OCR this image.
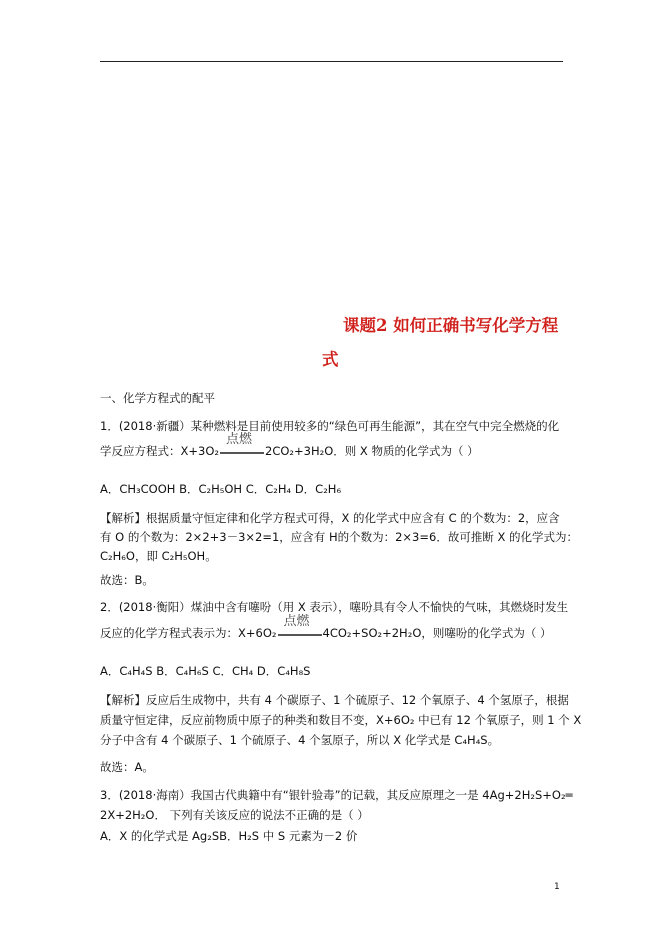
课题2 如何正确书写化学方程
式
一、化学方程式的配平
1．(2018·新疆）某种燃料是目前使用较多的“绿色可再生能源”，其在空气中完全燃烧的化
学反应方程式：X+3O₂
点燃
2CO₂+3H₂O．则 X 物质的化学式为（ ）
A．CH₃COOH B．C₂H₅OH C．C₂H₄ D．C₂H₆
【解析】根据质量守恒定律和化学方程式可得，X 的化学式中应含有 C 的个数为：2，应含
有 O 的个数为：2×2+3－3×2=1，应含有 H的个数为：2×3=6．故可推断 X 的化学式为：
C₂H₆O，即 C₂H₅OH。
故选：B。
2．(2018·衡阳）煤油中含有噻吩（用 X 表示），噻吩具有令人不愉快的气味，其燃烧时发生
反应的化学方程式表示为：X+6O₂
点燃
4CO₂+SO₂+2H₂O，则噻吩的化学式为（ ）
A．C₄H₄S B．C₄H₆S C．CH₄ D．C₄H₈S
【解析】反应后生成物中，共有 4 个碳原子、1 个硫原子、12 个氧原子、4 个氢原子，根据
质量守恒定律，反应前物质中原子的种类和数目不变，X+6O₂ 中已有 12 个氧原子，则 1 个 X
分子中含有 4 个碳原子、1 个硫原子、4 个氢原子，所以 X 化学式是 C₄H₄S。
故选：A。
3．(2018·海南）我国古代典籍中有“银针验毒”的记载，其反应原理之一是 4Ag+2H₂S+O₂═
2X+2H₂O． 下列有关该反应的说法不正确的是（ ）
A．X 的化学式是 Ag₂SB．H₂S 中 S 元素为－2 价
1
